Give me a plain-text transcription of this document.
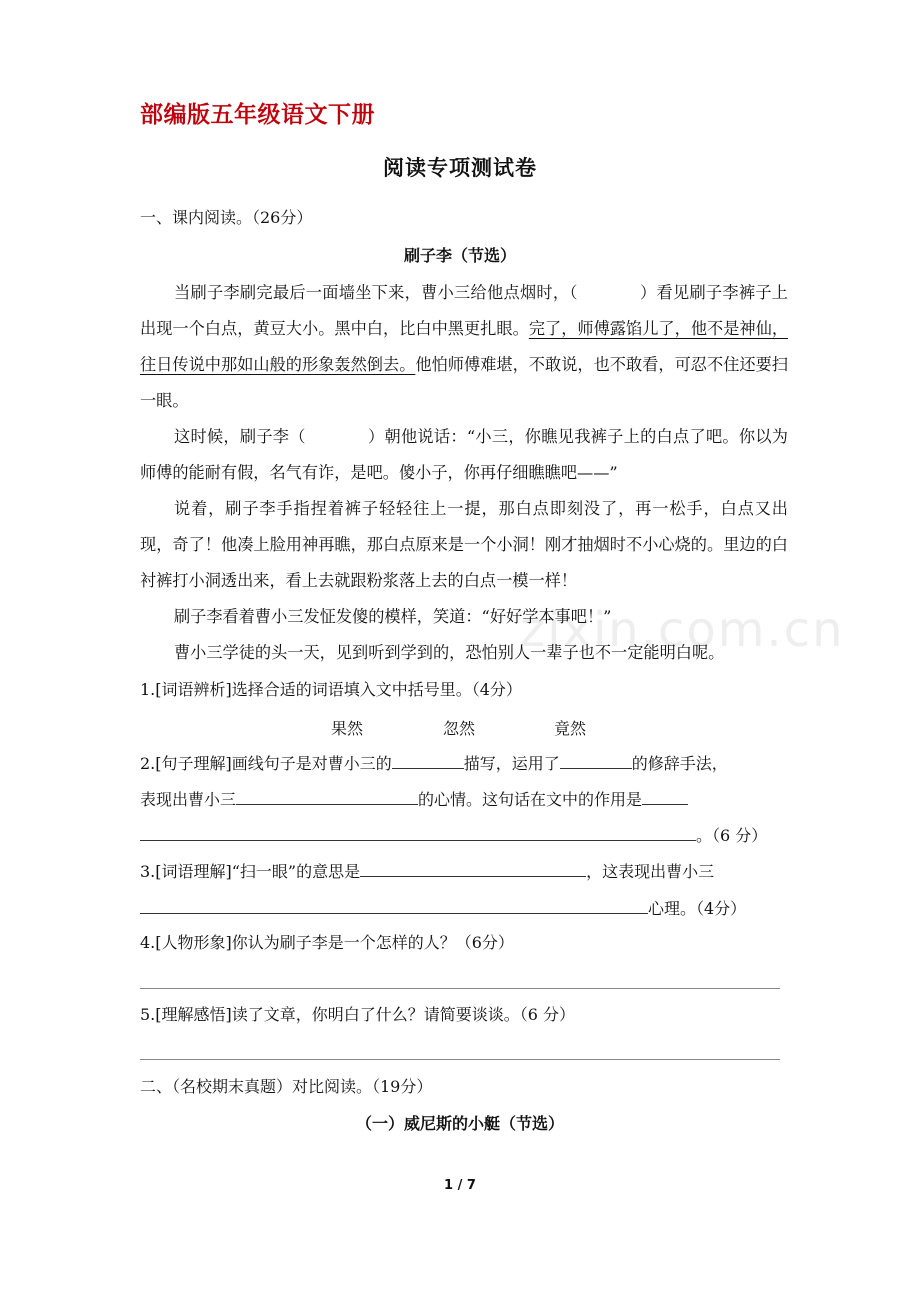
zixin.com.cn
部编版五年级语文下册
阅读专项测试卷
一、课内阅读。（26分）
刷子李（节选）

当刷子李刷完最后一面墙坐下来，曹小三给他点烟时，（	）看见刷子李裤子上出现一个白点，黄豆大小。黑中白，比白中黑更扎眼。完了，师傅露馅儿了，他不是神仙，往日传说中那如山般的形象轰然倒去。他怕师傅难堪，不敢说，也不敢看，可忍不住还要扫一眼。

这时候，刷子李（	）朝他说话：“小三，你瞧见我裤子上的白点了吧。你以为师傅的能耐有假，名气有诈，是吧。傻小子，你再仔细瞧瞧吧——”

说着，刷子李手指捏着裤子轻轻往上一提，那白点即刻没了，再一松手，白点又出现，奇了！他凑上脸用神再瞧，那白点原来是一个小洞！刚才抽烟时不小心烧的。里边的白衬裤打小洞透出来，看上去就跟粉浆落上去的白点一模一样！

刷子李看着曹小三发怔发傻的模样，笑道：“好好学本事吧！”

曹小三学徒的头一天，见到听到学到的，恐怕别人一辈子也不一定能明白呢。

1.[词语辨析]选择合适的词语填入文中括号里。（4分）
果然	忽然	竟然
2.[句子理解]画线句子是对曹小三的	描写，运用了	的修辞手法，
表现出曹小三	的心情。这句话在文中的作用是
。（6 分）
3.[词语理解]“扫一眼”的意思是	，这表现出曹小三
心理。（4分）
4.[人物形象]你认为刷子李是一个怎样的人？（6分）
5.[理解感悟]读了文章，你明白了什么？请简要谈谈。（6 分）
二、（名校期末真题）对比阅读。（19分）
（一）威尼斯的小艇（节选）
1 / 7
